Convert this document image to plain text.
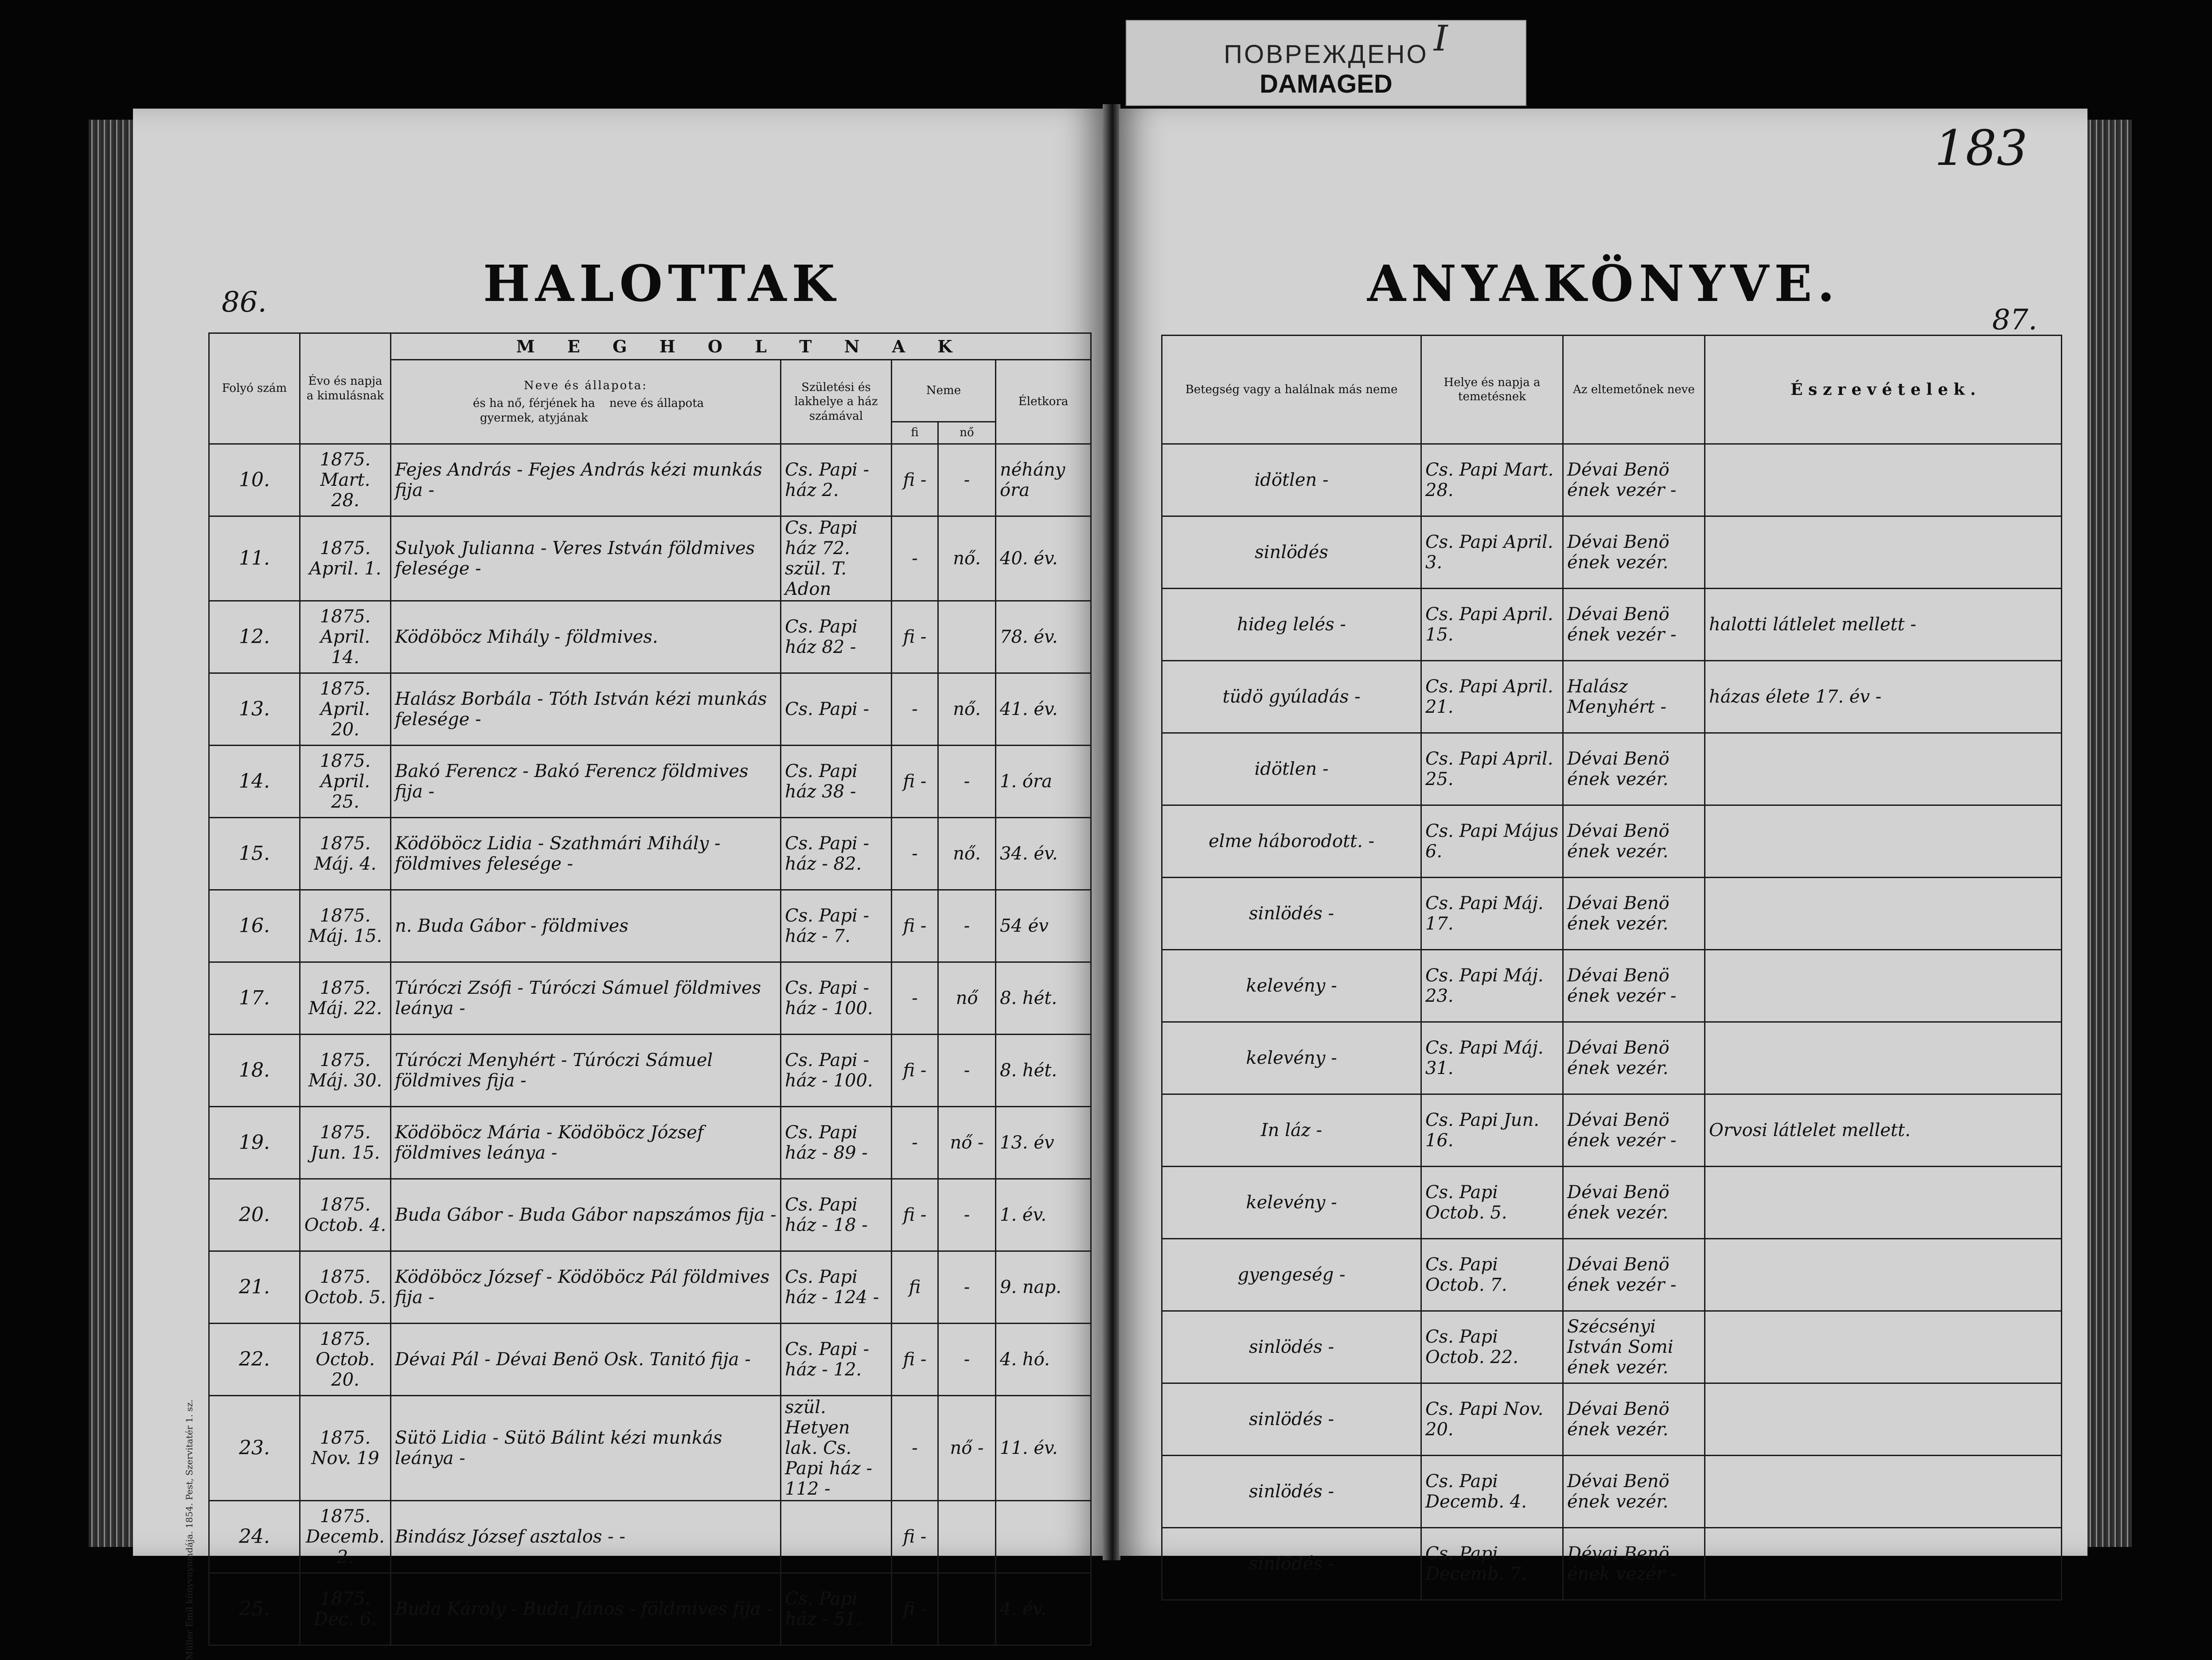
ПОВРЕЖДЕНО
DAMAGED
I
86.	HALOTTAK
Folyó szám	Évo és napja a kimulásnak	M E G H O L T N A K				

		Neve és állapota:
és ha nő, férjének ha gyermek, atyjának
neve és állapota	Születési és lakhelye a ház számával	Neme		Életkora
				fi	nő	
10.	1875. Mart. 28.	Fejes András - Fejes András kézi munkás fija -	Cs. Papi - ház 2.	fi -	-	néhány óra
11.	1875. April. 1.	Sulyok Julianna - Veres István földmives felesége -	Cs. Papi ház 72. szül. T. Adon	-	nő.	40. év.
12.	1875. April. 14.	Ködöböcz Mihály - földmives.	Cs. Papi ház 82 -	fi -		78. év.
13.	1875. April. 20.	Halász Borbála - Tóth István kézi munkás felesége -	Cs. Papi -	-	nő.	41. év.
14.	1875. April. 25.	Bakó Ferencz - Bakó Ferencz földmives fija -	Cs. Papi ház 38 -	fi -	-	1. óra
15.	1875. Máj. 4.	Ködöböcz Lidia - Szathmári Mihály - földmives felesége -	Cs. Papi - ház - 82.	-	nő.	34. év.
16.	1875. Máj. 15.	n. Buda Gábor - földmives	Cs. Papi - ház - 7.	fi -	-	54 év
17.	1875. Máj. 22.	Túróczi Zsófi - Túróczi Sámuel földmives leánya -	Cs. Papi - ház - 100.	-	nő	8. hét.
18.	1875. Máj. 30.	Túróczi Menyhért - Túróczi Sámuel földmives fija -	Cs. Papi - ház - 100.	fi -	-	8. hét.
19.	1875. Jun. 15.	Ködöböcz Mária - Ködöböcz József földmives leánya -	Cs. Papi ház - 89 -	-	nő -	13. év
20.	1875. Octob. 4.	Buda Gábor - Buda Gábor napszámos fija -	Cs. Papi ház - 18 -	fi -	-	1. év.
21.	1875. Octob. 5.	Ködöböcz József - Ködöböcz Pál földmives fija -	Cs. Papi ház - 124 -	fi	-	9. nap.
22.	1875. Octob. 20.	Dévai Pál - Dévai Benö Osk. Tanitó fija -	Cs. Papi - ház - 12.	fi -	-	4. hó.
23.	1875. Nov. 19	Sütö Lidia - Sütö Bálint kézi munkás leánya -	szül. Hetyen lak. Cs. Papi ház - 112 -	-	nő -	11. év.
24.	1875. Decemb. 2.	Bindász József asztalos - -		fi -		
25.	1875. Dec. 6.	Buda Károly - Buda János - földmives fija -	Cs. Papi ház - 51.	fi -		4. év.
Müller Emil könyvnyomdája. 1854. Pest, Szervitatér 1. sz.
ANYAKÖNYVE.
183
87.
Betegség vagy a halálnak más neme	Helye és napja a temetésnek	Az eltemetőnek neve	É s z r e v é t e l e k .
idötlen -	Cs. Papi Mart. 28.	Dévai Benö ének vezér -	
sinlödés	Cs. Papi April. 3.	Dévai Benö ének vezér.	
hideg lelés -	Cs. Papi April. 15.	Dévai Benö ének vezér -	halotti látlelet mellett -
tüdö gyúladás -	Cs. Papi April. 21.	Halász Menyhért -	házas élete 17. év -
idötlen -	Cs. Papi April. 25.	Dévai Benö ének vezér.	
elme háborodott. -	Cs. Papi Május 6.	Dévai Benö ének vezér.	
sinlödés -	Cs. Papi Máj. 17.	Dévai Benö ének vezér.	
kelevény -	Cs. Papi Máj. 23.	Dévai Benö ének vezér -	
kelevény -	Cs. Papi Máj. 31.	Dévai Benö ének vezér.	
In láz -	Cs. Papi Jun. 16.	Dévai Benö ének vezér -	Orvosi látlelet mellett.
kelevény -	Cs. Papi Octob. 5.	Dévai Benö ének vezér.	
gyengeség -	Cs. Papi Octob. 7.	Dévai Benö ének vezér -	
sinlödés -	Cs. Papi Octob. 22.	Szécsényi István Somi ének vezér.	
sinlödés -	Cs. Papi Nov. 20.	Dévai Benö ének vezér.	
sinlödés -	Cs. Papi Decemb. 4.	Dévai Benö ének vezér.	
sinlödés -	Cs. Papi Decemb. 7.	Dévai Benö ének vezér -	
